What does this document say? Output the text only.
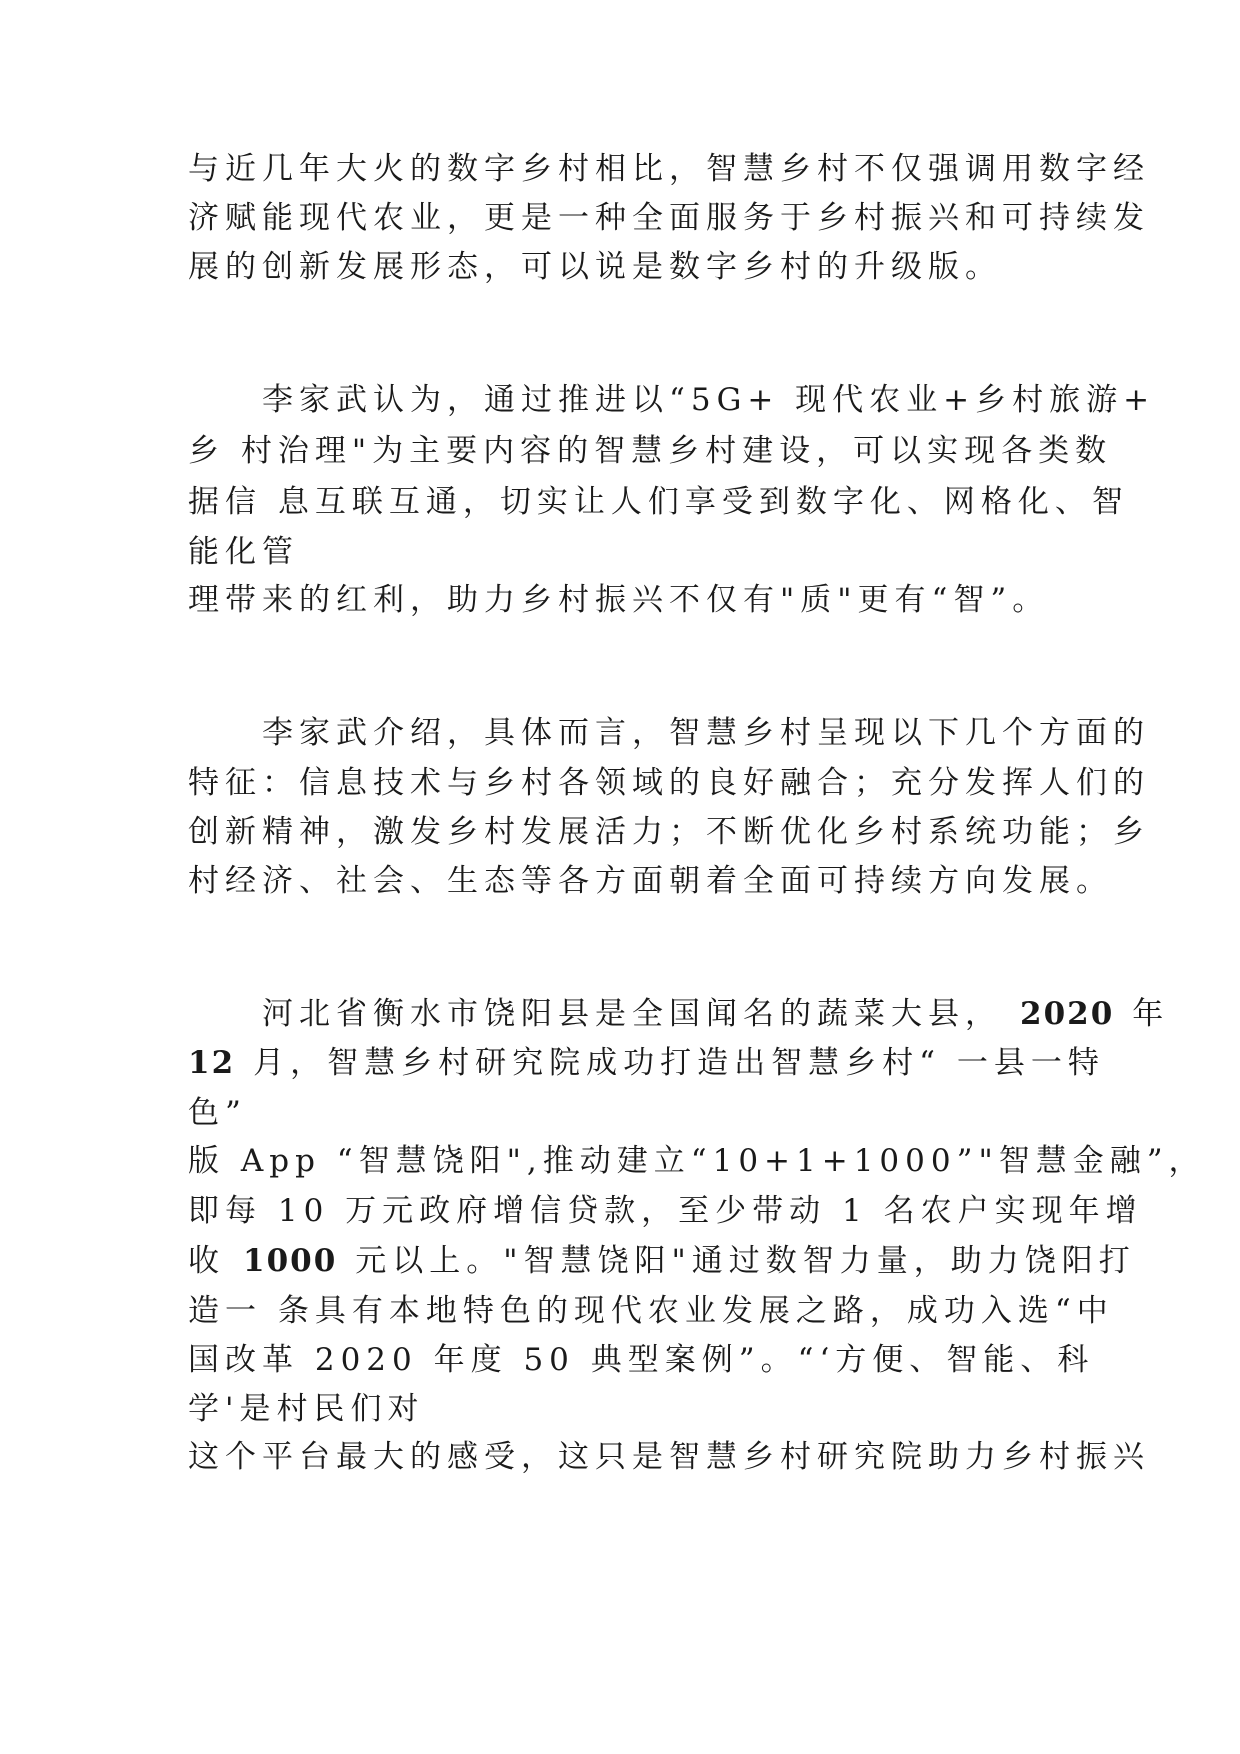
与近几年大火的数字乡村相比，智慧乡村不仅强调用数字经

济赋能现代农业，更是一种全面服务于乡村振兴和可持续发

展的创新发展形态，可以说是数字乡村的升级版。

李家武认为，通过推进以“5G+ 现代农业+乡村旅游+

乡 村治理"为主要内容的智慧乡村建设，可以实现各类数

据信 息互联互通，切实让人们享受到数字化、网格化、智

能化管

理带来的红利，助力乡村振兴不仅有"质"更有“智”。

李家武介绍，具体而言，智慧乡村呈现以下几个方面的

特征：信息技术与乡村各领域的良好融合；充分发挥人们的

创新精神，激发乡村发展活力；不断优化乡村系统功能；乡

村经济、社会、生态等各方面朝着全面可持续方向发展。

河北省衡水市饶阳县是全国闻名的蔬菜大县， 2020 年

12 月，智慧乡村研究院成功打造出智慧乡村“ 一县一特

色”

版 App “智慧饶阳",推动建立“10+1+1000”"智慧金融”，

即每 10 万元政府增信贷款，至少带动 1 名农户实现年增

收 1000 元以上。"智慧饶阳"通过数智力量，助力饶阳打

造一 条具有本地特色的现代农业发展之路，成功入选“中

国改革 2020 年度 50 典型案例”。“‘方便、智能、科

学'是村民们对

这个平台最大的感受，这只是智慧乡村研究院助力乡村振兴
